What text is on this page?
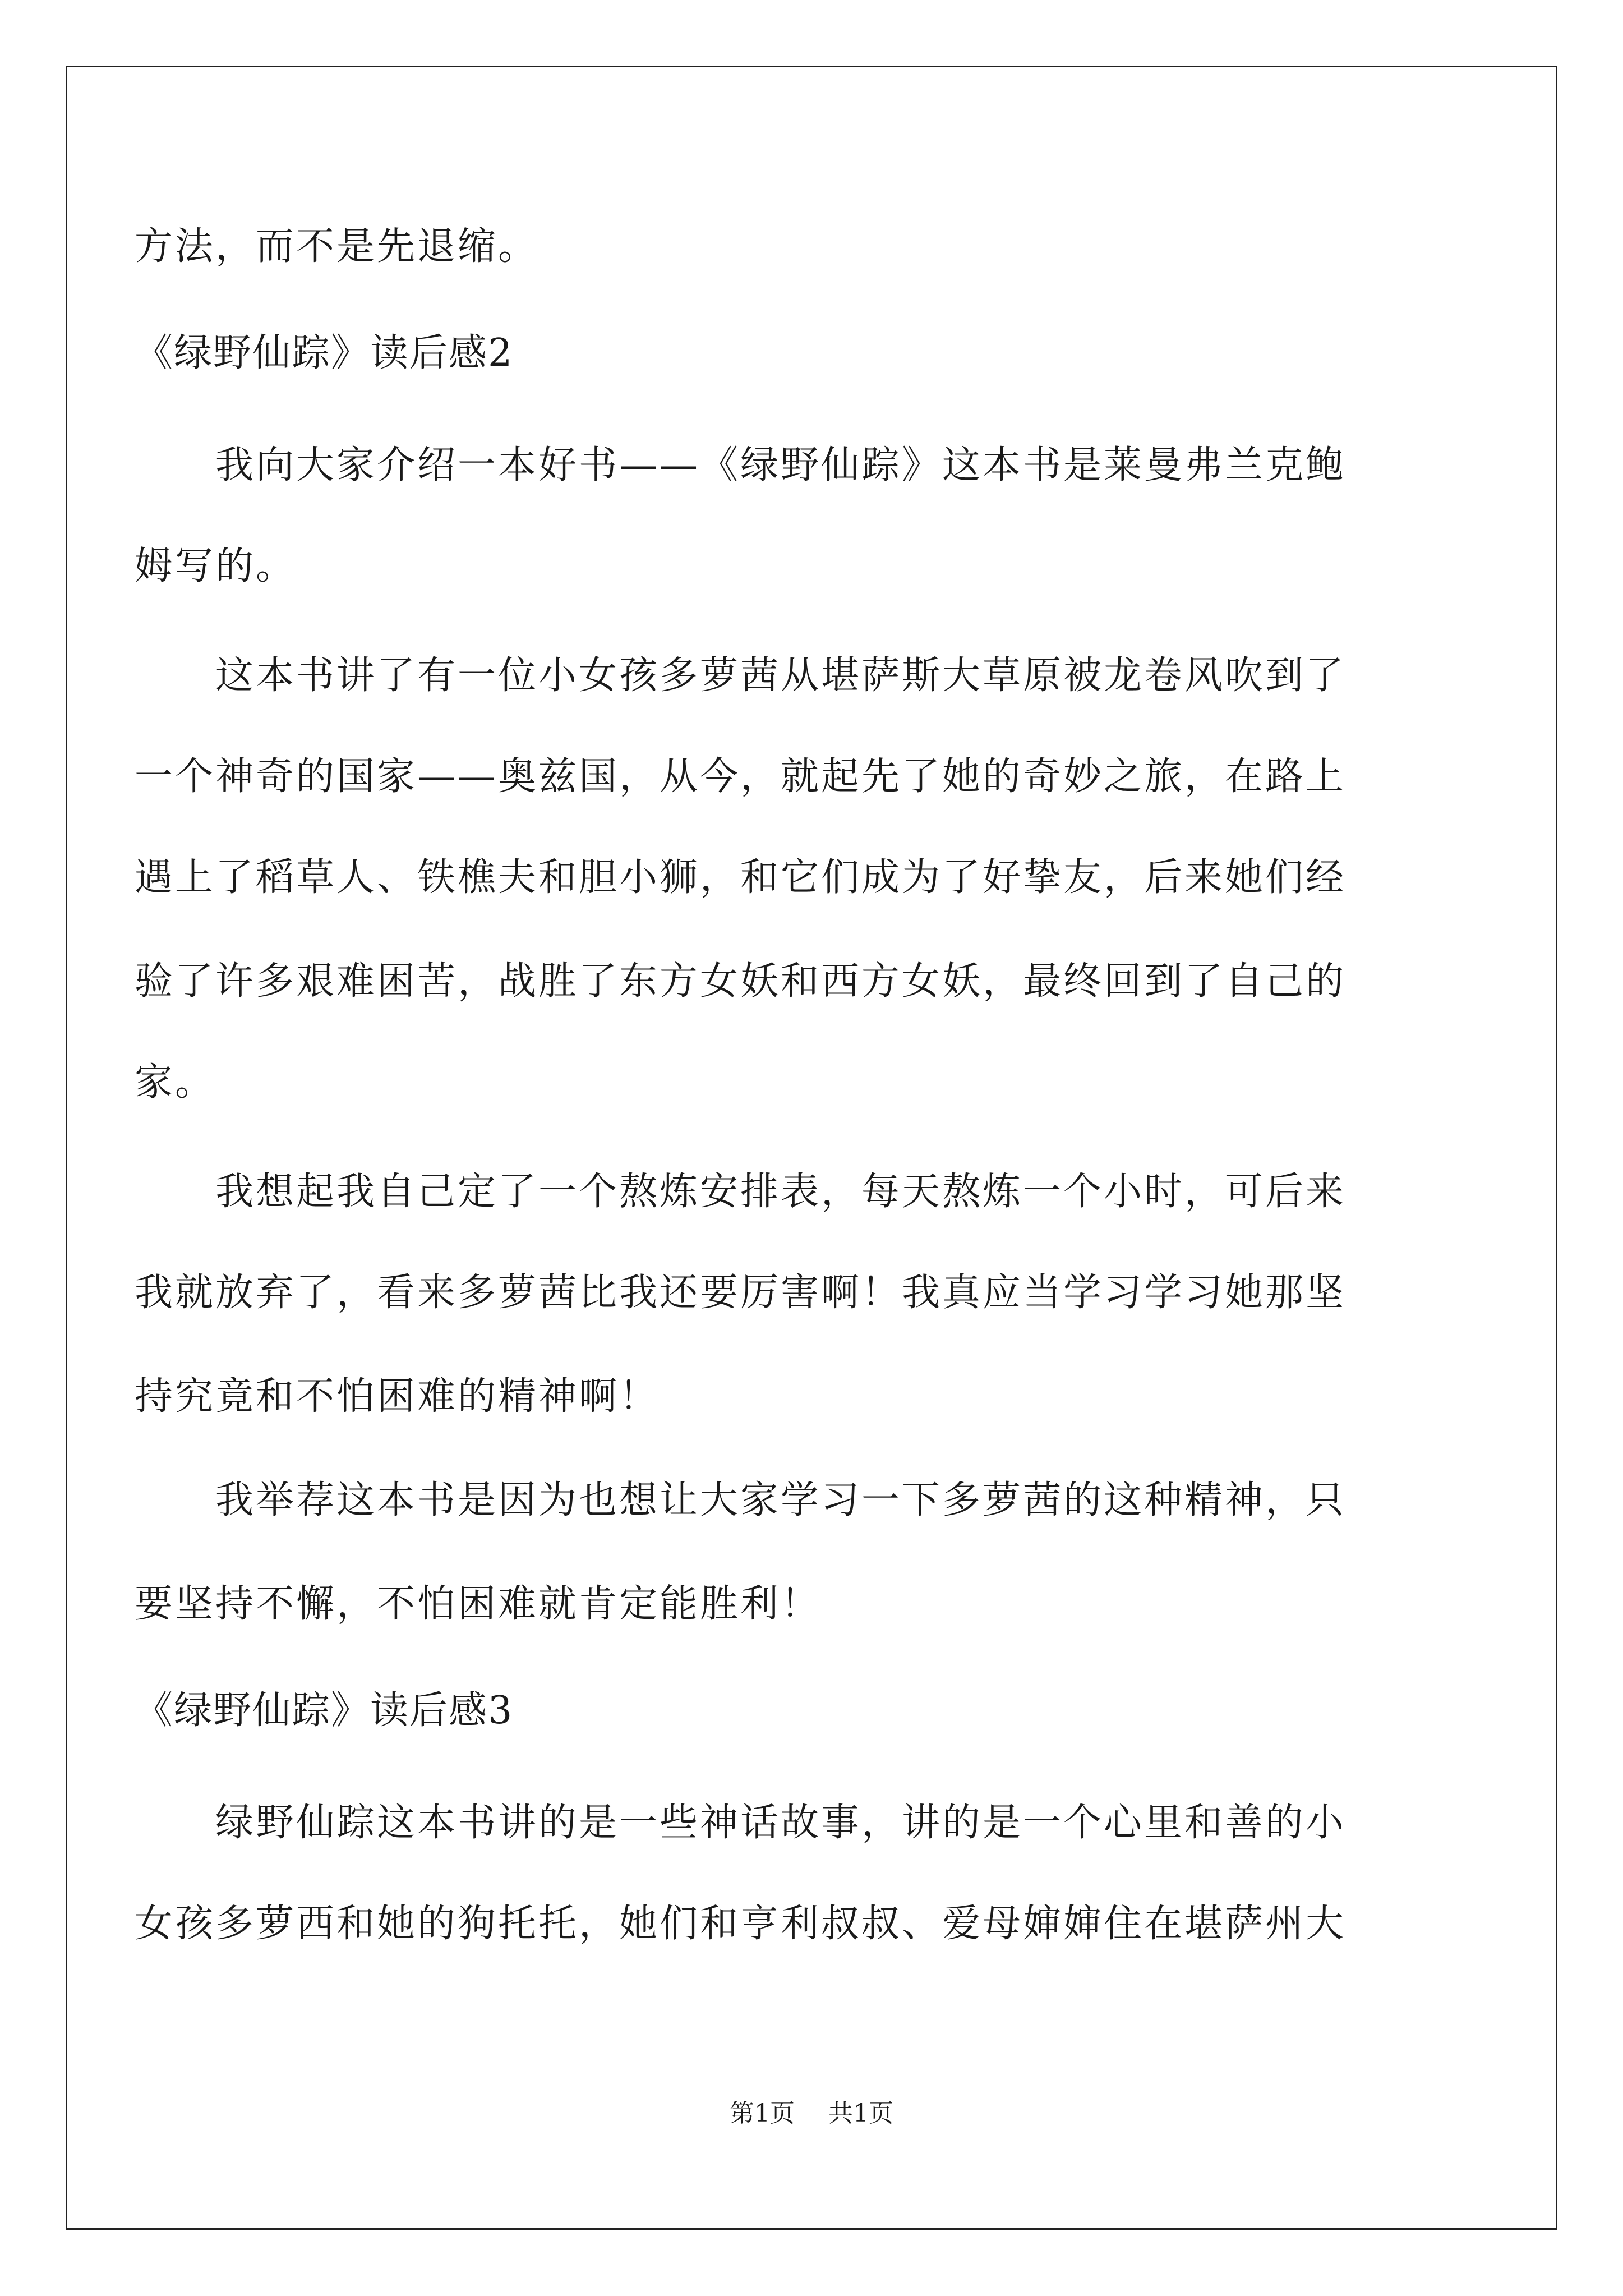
方法，而不是先退缩。
《绿野仙踪》读后感2
　　我向大家介绍一本好书——《绿野仙踪》这本书是莱曼弗兰克鲍
姆写的。
　　这本书讲了有一位小女孩多萝茜从堪萨斯大草原被龙卷风吹到了
一个神奇的国家——奥兹国，从今，就起先了她的奇妙之旅，在路上
遇上了稻草人、铁樵夫和胆小狮，和它们成为了好挚友，后来她们经
验了许多艰难困苦，战胜了东方女妖和西方女妖，最终回到了自己的
家。
　　我想起我自己定了一个熬炼安排表，每天熬炼一个小时，可后来
我就放弃了，看来多萝茜比我还要厉害啊！我真应当学习学习她那坚
持究竟和不怕困难的精神啊！
　　我举荐这本书是因为也想让大家学习一下多萝茜的这种精神，只
要坚持不懈，不怕困难就肯定能胜利！
《绿野仙踪》读后感3
　　绿野仙踪这本书讲的是一些神话故事，讲的是一个心里和善的小
女孩多萝西和她的狗托托，她们和亨利叔叔、爱母婶婶住在堪萨州大
第1页 共1页
